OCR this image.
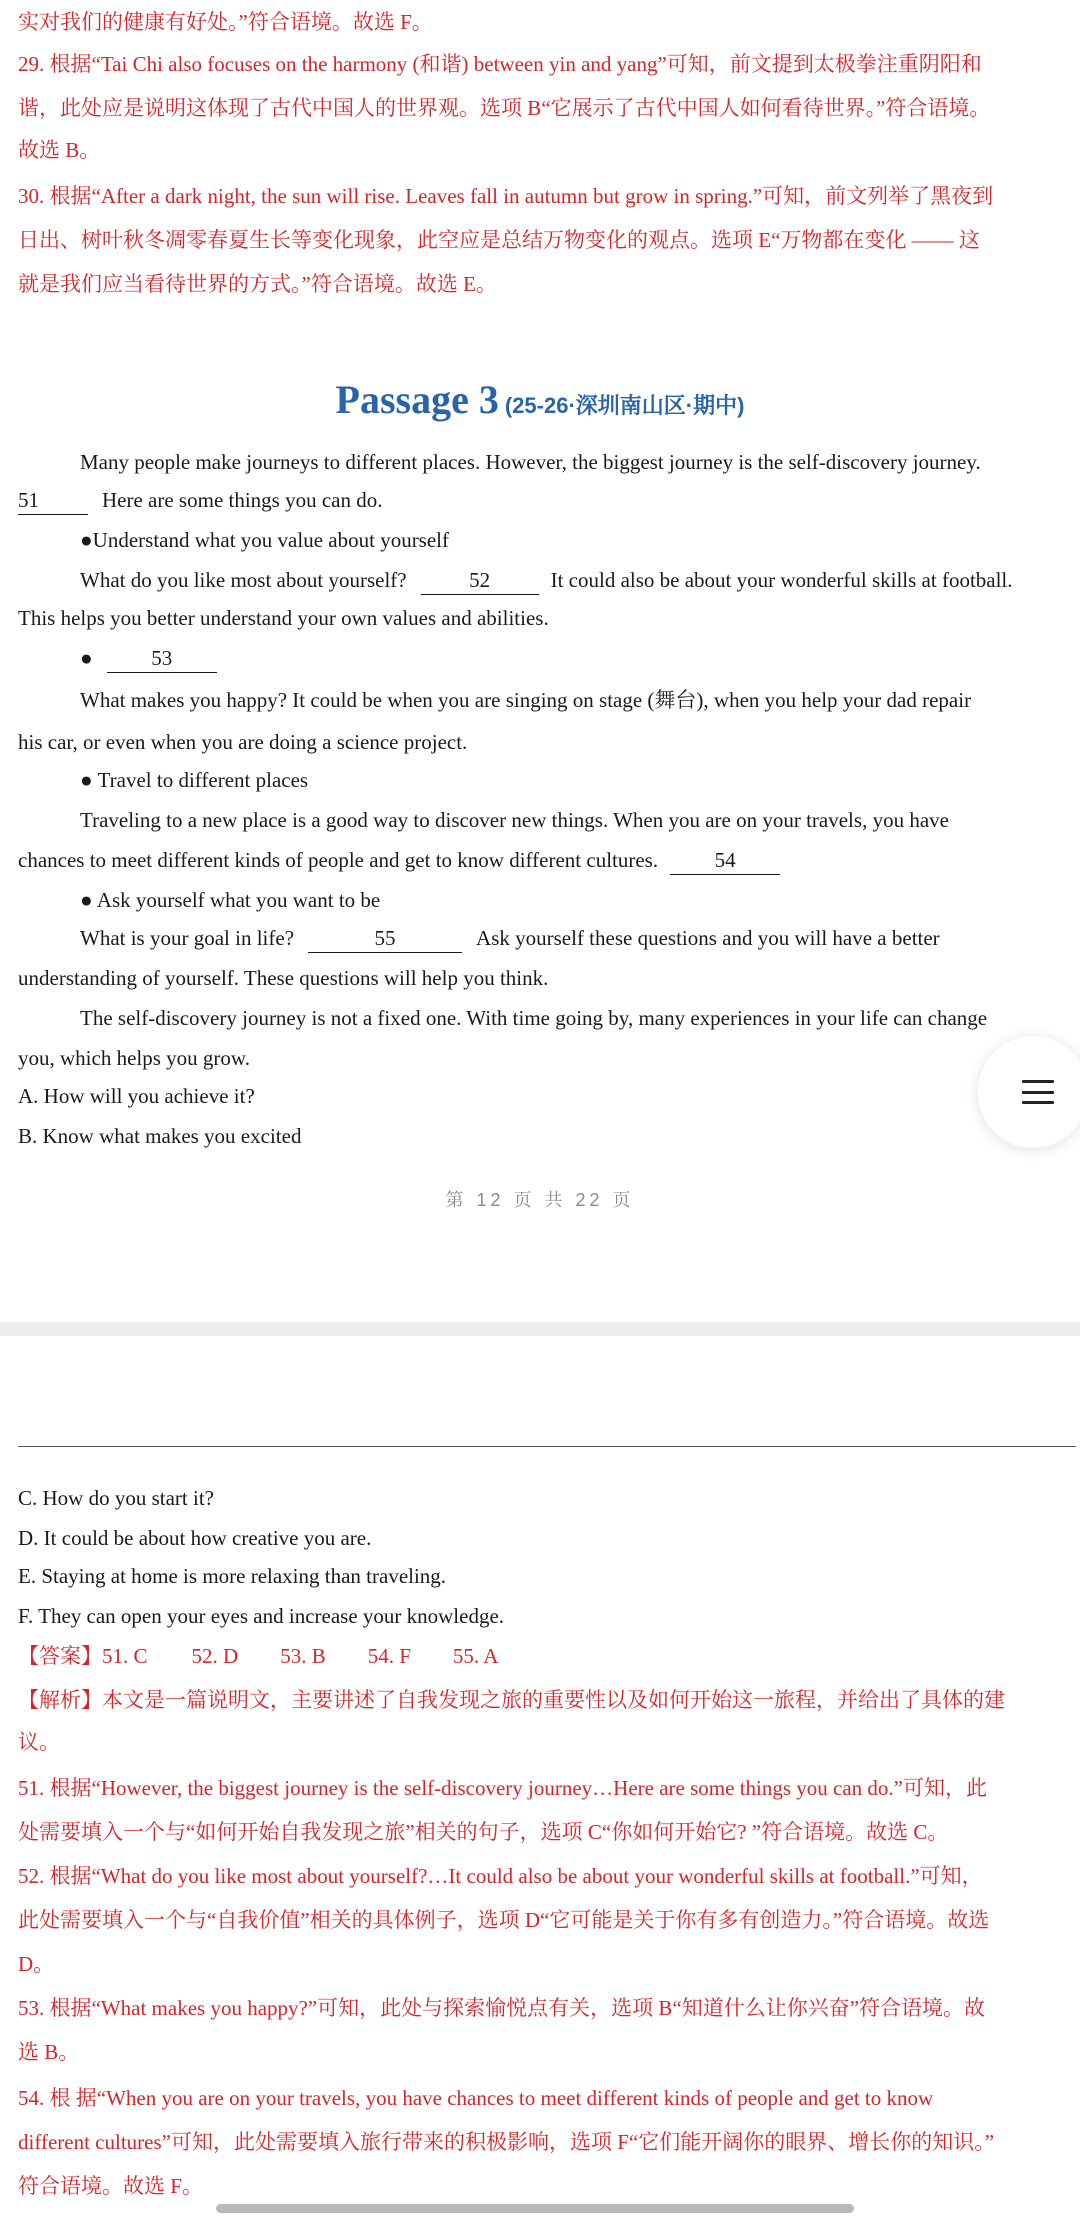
实对我们的健康有好处。”符合语境。故选 F。
29. 根据“Tai Chi also focuses on the harmony (和谐) between yin and yang”可知，前文提到太极拳注重阴阳和
谐，此处应是说明这体现了古代中国人的世界观。选项 B“它展示了古代中国人如何看待世界。”符合语境。
故选 B。
30. 根据“After a dark night, the sun will rise. Leaves fall in autumn but grow in spring.”可知，前文列举了黑夜到
日出、树叶秋冬凋零春夏生长等变化现象，此空应是总结万物变化的观点。选项 E“万物都在变化 —— 这
就是我们应当看待世界的方式。”符合语境。故选 E。
Passage 3 (25-26·深圳南山区·期中)
Many people make journeys to different places. However, the biggest journey is the self-discovery journey.
51	Here are some things you can do.
●Understand what you value about yourself
What do you like most about yourself?	52	It could also be about your wonderful skills at football.
This helps you better understand your own values and abilities.
●	53
What makes you happy? It could be when you are singing on stage (舞台), when you help your dad repair
his car, or even when you are doing a science project.
● Travel to different places
Traveling to a new place is a good way to discover new things. When you are on your travels, you have
chances to meet different kinds of people and get to know different cultures.	54
● Ask yourself what you want to be
What is your goal in life?	55	Ask yourself these questions and you will have a better
understanding of yourself. These questions will help you think.
The self-discovery journey is not a fixed one. With time going by, many experiences in your life can change
you, which helps you grow.
A. How will you achieve it?
B. Know what makes you excited
第 12 页 共 22 页
C. How do you start it?
D. It could be about how creative you are.
E. Staying at home is more relaxing than traveling.
F. They can open your eyes and increase your knowledge.
【答案】51. C 52. D 53. B 54. F 55. A
【解析】本文是一篇说明文，主要讲述了自我发现之旅的重要性以及如何开始这一旅程，并给出了具体的建
议。
51. 根据“However, the biggest journey is the self-discovery journey…Here are some things you can do.”可知，此
处需要填入一个与“如何开始自我发现之旅”相关的句子，选项 C“你如何开始它? ”符合语境。故选 C。
52. 根据“What do you like most about yourself?…It could also be about your wonderful skills at football.”可知，
此处需要填入一个与“自我价值”相关的具体例子，选项 D“它可能是关于你有多有创造力。”符合语境。故选
D。
53. 根据“What makes you happy?”可知，此处与探索愉悦点有关，选项 B“知道什么让你兴奋”符合语境。故
选 B。
54. 根 据“When you are on your travels, you have chances to meet different kinds of people and get to know
different cultures”可知，此处需要填入旅行带来的积极影响，选项 F“它们能开阔你的眼界、增长你的知识。”
符合语境。故选 F。
